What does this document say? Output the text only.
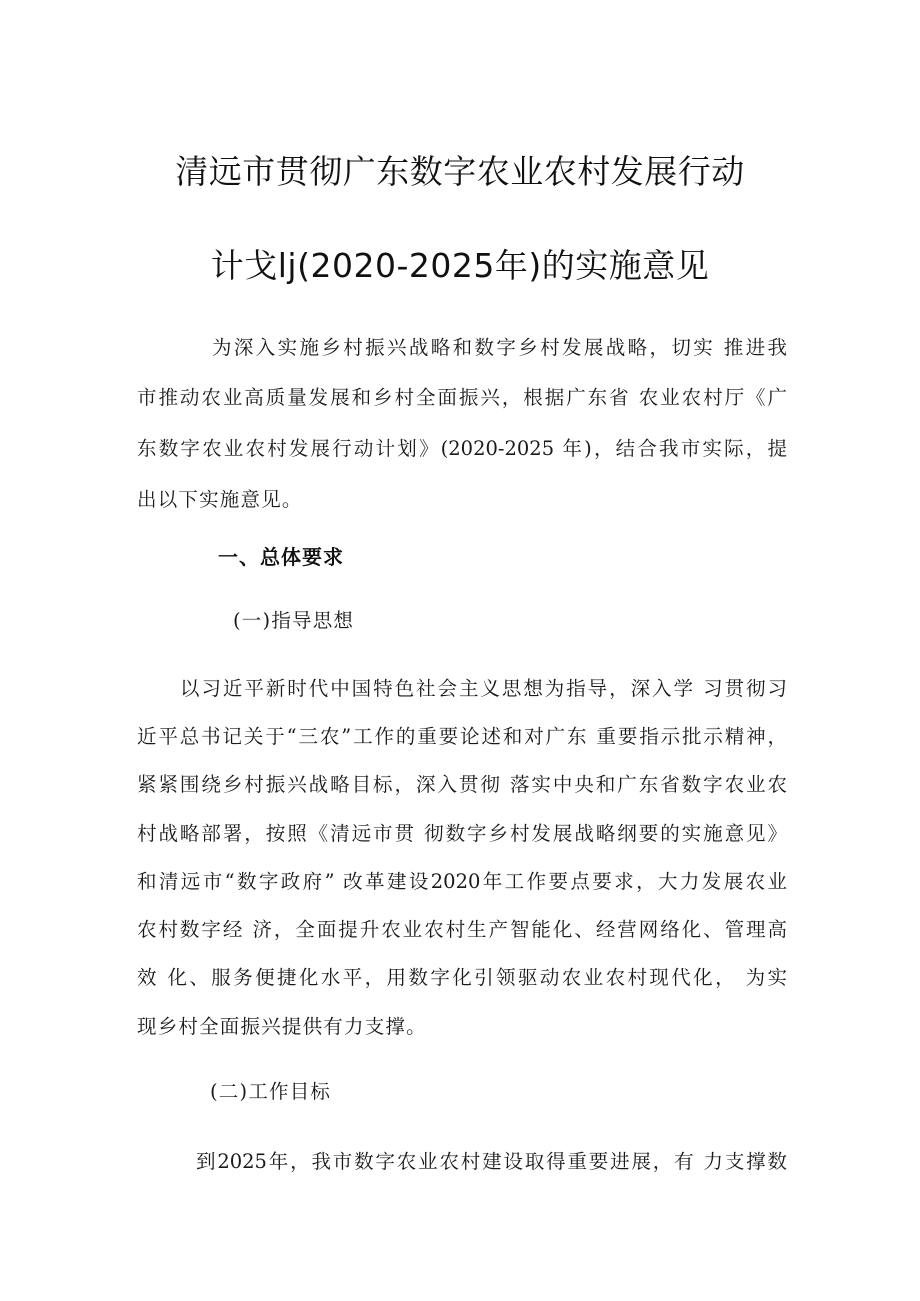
清远市贯彻广东数字农业农村发展行动
计戈lj(2020-2025年)的实施意见
为深入实施乡村振兴战略和数字乡村发展战略，切实 推进我
市推动农业高质量发展和乡村全面振兴，根据广东省 农业农村厅《广
东数字农业农村发展行动计划》(2020-2025 年)，结合我市实际，提
出以下实施意见。
一、总体要求
(一)指导思想
以习近平新时代中国特色社会主义思想为指导，深入学 习贯彻习
近平总书记关于“三农”工作的重要论述和对广东 重要指示批示精神，
紧紧围绕乡村振兴战略目标，深入贯彻 落实中央和广东省数字农业农
村战略部署，按照《清远市贯 彻数字乡村发展战略纲要的实施意见》
和清远市“数字政府” 改革建设2020年工作要点要求，大力发展农业
农村数字经 济，全面提升农业农村生产智能化、经营网络化、管理高
效 化、服务便捷化水平，用数字化引领驱动农业农村现代化， 为实
现乡村全面振兴提供有力支撑。
(二)工作目标
到2025年，我市数字农业农村建设取得重要进展，有 力支撑数
